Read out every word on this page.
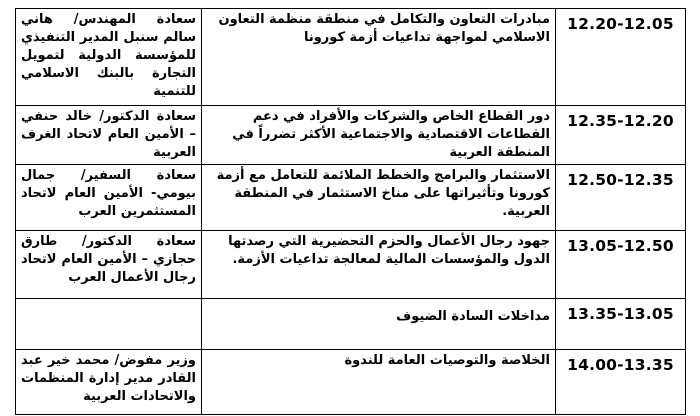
سعادة المهندس/ هاني سالم سنبل المدير التنفيذي للمؤسسة الدولية لتمويل التجارة بالبنك الاسلامي للتنمية	مبادرات التعاون والتكامل في منطقة منظمة التعاون الاسلامي لمواجهة تداعيات أزمة كورونا	12.20-12.05
سعادة الدكتور/ خالد حنفي – الأمين العام لاتحاد الغرف العربية	دور القطاع الخاص والشركات والأفراد في دعم القطاعات الاقتصادية والاجتماعية الأكثر تضرراً في المنطقة العربية	12.35-12.20
سعادة السفير/ جمال بيومي- الأمين العام لاتحاد المستثمرين العرب	الاستثمار والبرامج والخطط الملائمة للتعامل مع أزمة كورونا وتأثيراتها على مناخ الاستثمار في المنطقة العربية.	12.50-12.35
سعادة الدكتور/ طارق حجازي – الأمين العام لاتحاد رجال الأعمال العرب	جهود رجال الأعمال والحزم التحضيرية التي رصدتها الدول والمؤسسات المالية لمعالجة تداعيات الأزمة.	13.05-12.50
	مداخلات السادة الضيوف	13.35-13.05
وزير مفوض/ محمد خير عبد القادر مدير إدارة المنظمات والاتحادات العربية	الخلاصة والتوصيات العامة للندوة	14.00-13.35
